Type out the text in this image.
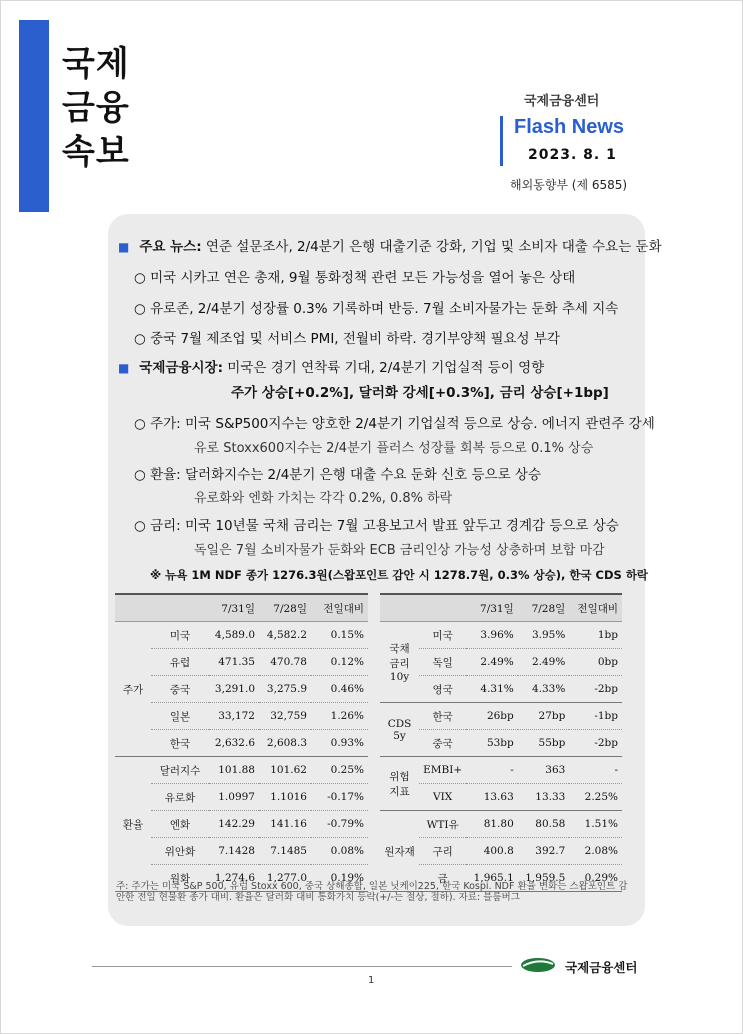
국제
금융
속보
국제금융센터
Flash News
2023. 8. 1
해외동향부 (제 6585)
■ 주요 뉴스: 연준 설문조사, 2/4분기 은행 대출기준 강화, 기업 및 소비자 대출 수요는 둔화
○ 미국 시카고 연은 총재, 9월 통화정책 관련 모든 가능성을 열어 놓은 상태
○ 유로존, 2/4분기 성장률 0.3% 기록하며 반등. 7월 소비자물가는 둔화 추세 지속
○ 중국 7월 제조업 및 서비스 PMI, 전월비 하락. 경기부양책 필요성 부각
■ 국제금융시장: 미국은 경기 연착륙 기대, 2/4분기 기업실적 등이 영향
주가 상승[+0.2%], 달러화 강세[+0.3%], 금리 상승[+1bp]
○ 주가: 미국 S&P500지수는 양호한 2/4분기 기업실적 등으로 상승. 에너지 관련주 강세
유로 Stoxx600지수는 2/4분기 플러스 성장률 회복 등으로 0.1% 상승
○ 환율: 달러화지수는 2/4분기 은행 대출 수요 둔화 신호 등으로 상승
유로화와 엔화 가치는 각각 0.2%, 0.8% 하락
○ 금리: 미국 10년물 국채 금리는 7월 고용보고서 발표 앞두고 경계감 등으로 상승
독일은 7월 소비자물가 둔화와 ECB 금리인상 가능성 상충하며 보합 마감
※ 뉴욕 1M NDF 종가 1276.3원(스왑포인트 감안 시 1278.7원, 0.3% 상승), 한국 CDS 하락
		7/31일	7/28일	전일대비
주가	미국	4,589.0	4,582.2	0.15%
	유럽	471.35	470.78	0.12%
	중국	3,291.0	3,275.9	0.46%
	일본	33,172	32,759	1.26%
	한국	2,632.6	2,608.3	0.93%
환율	달러지수	101.88	101.62	0.25%
	유로화	1.0997	1.1016	-0.17%
	엔화	142.29	141.16	-0.79%
	위안화	7.1428	7.1485	0.08%
	원화	1,274.6	1,277.0	0.19%
		7/31일	7/28일	전일대비
국채
금리
10y	미국	3.96%	3.95%	1bp
	독일	2.49%	2.49%	0bp
	영국	4.31%	4.33%	-2bp
CDS
5y	한국	26bp	27bp	-1bp
	중국	53bp	55bp	-2bp
위험
지표	EMBI+	-	363	-
	VIX	13.63	13.33	2.25%
원자재	WTI유	81.80	80.58	1.51%
	구리	400.8	392.7	2.08%
	금	1,965.1	1,959.5	0.29%
주: 주가는 미국 S&P 500, 유럽 Stoxx 600, 중국 상해종합, 일본 닛케이225, 한국 Kospi. NDF 환율 변화는 스왑포인트 감안한 전일 현물환 종가 대비. 환율은 달러화 대비 통화가치 등락(+/-는 절상, 절하). 자료: 블룸버그
1
국제금융센터
